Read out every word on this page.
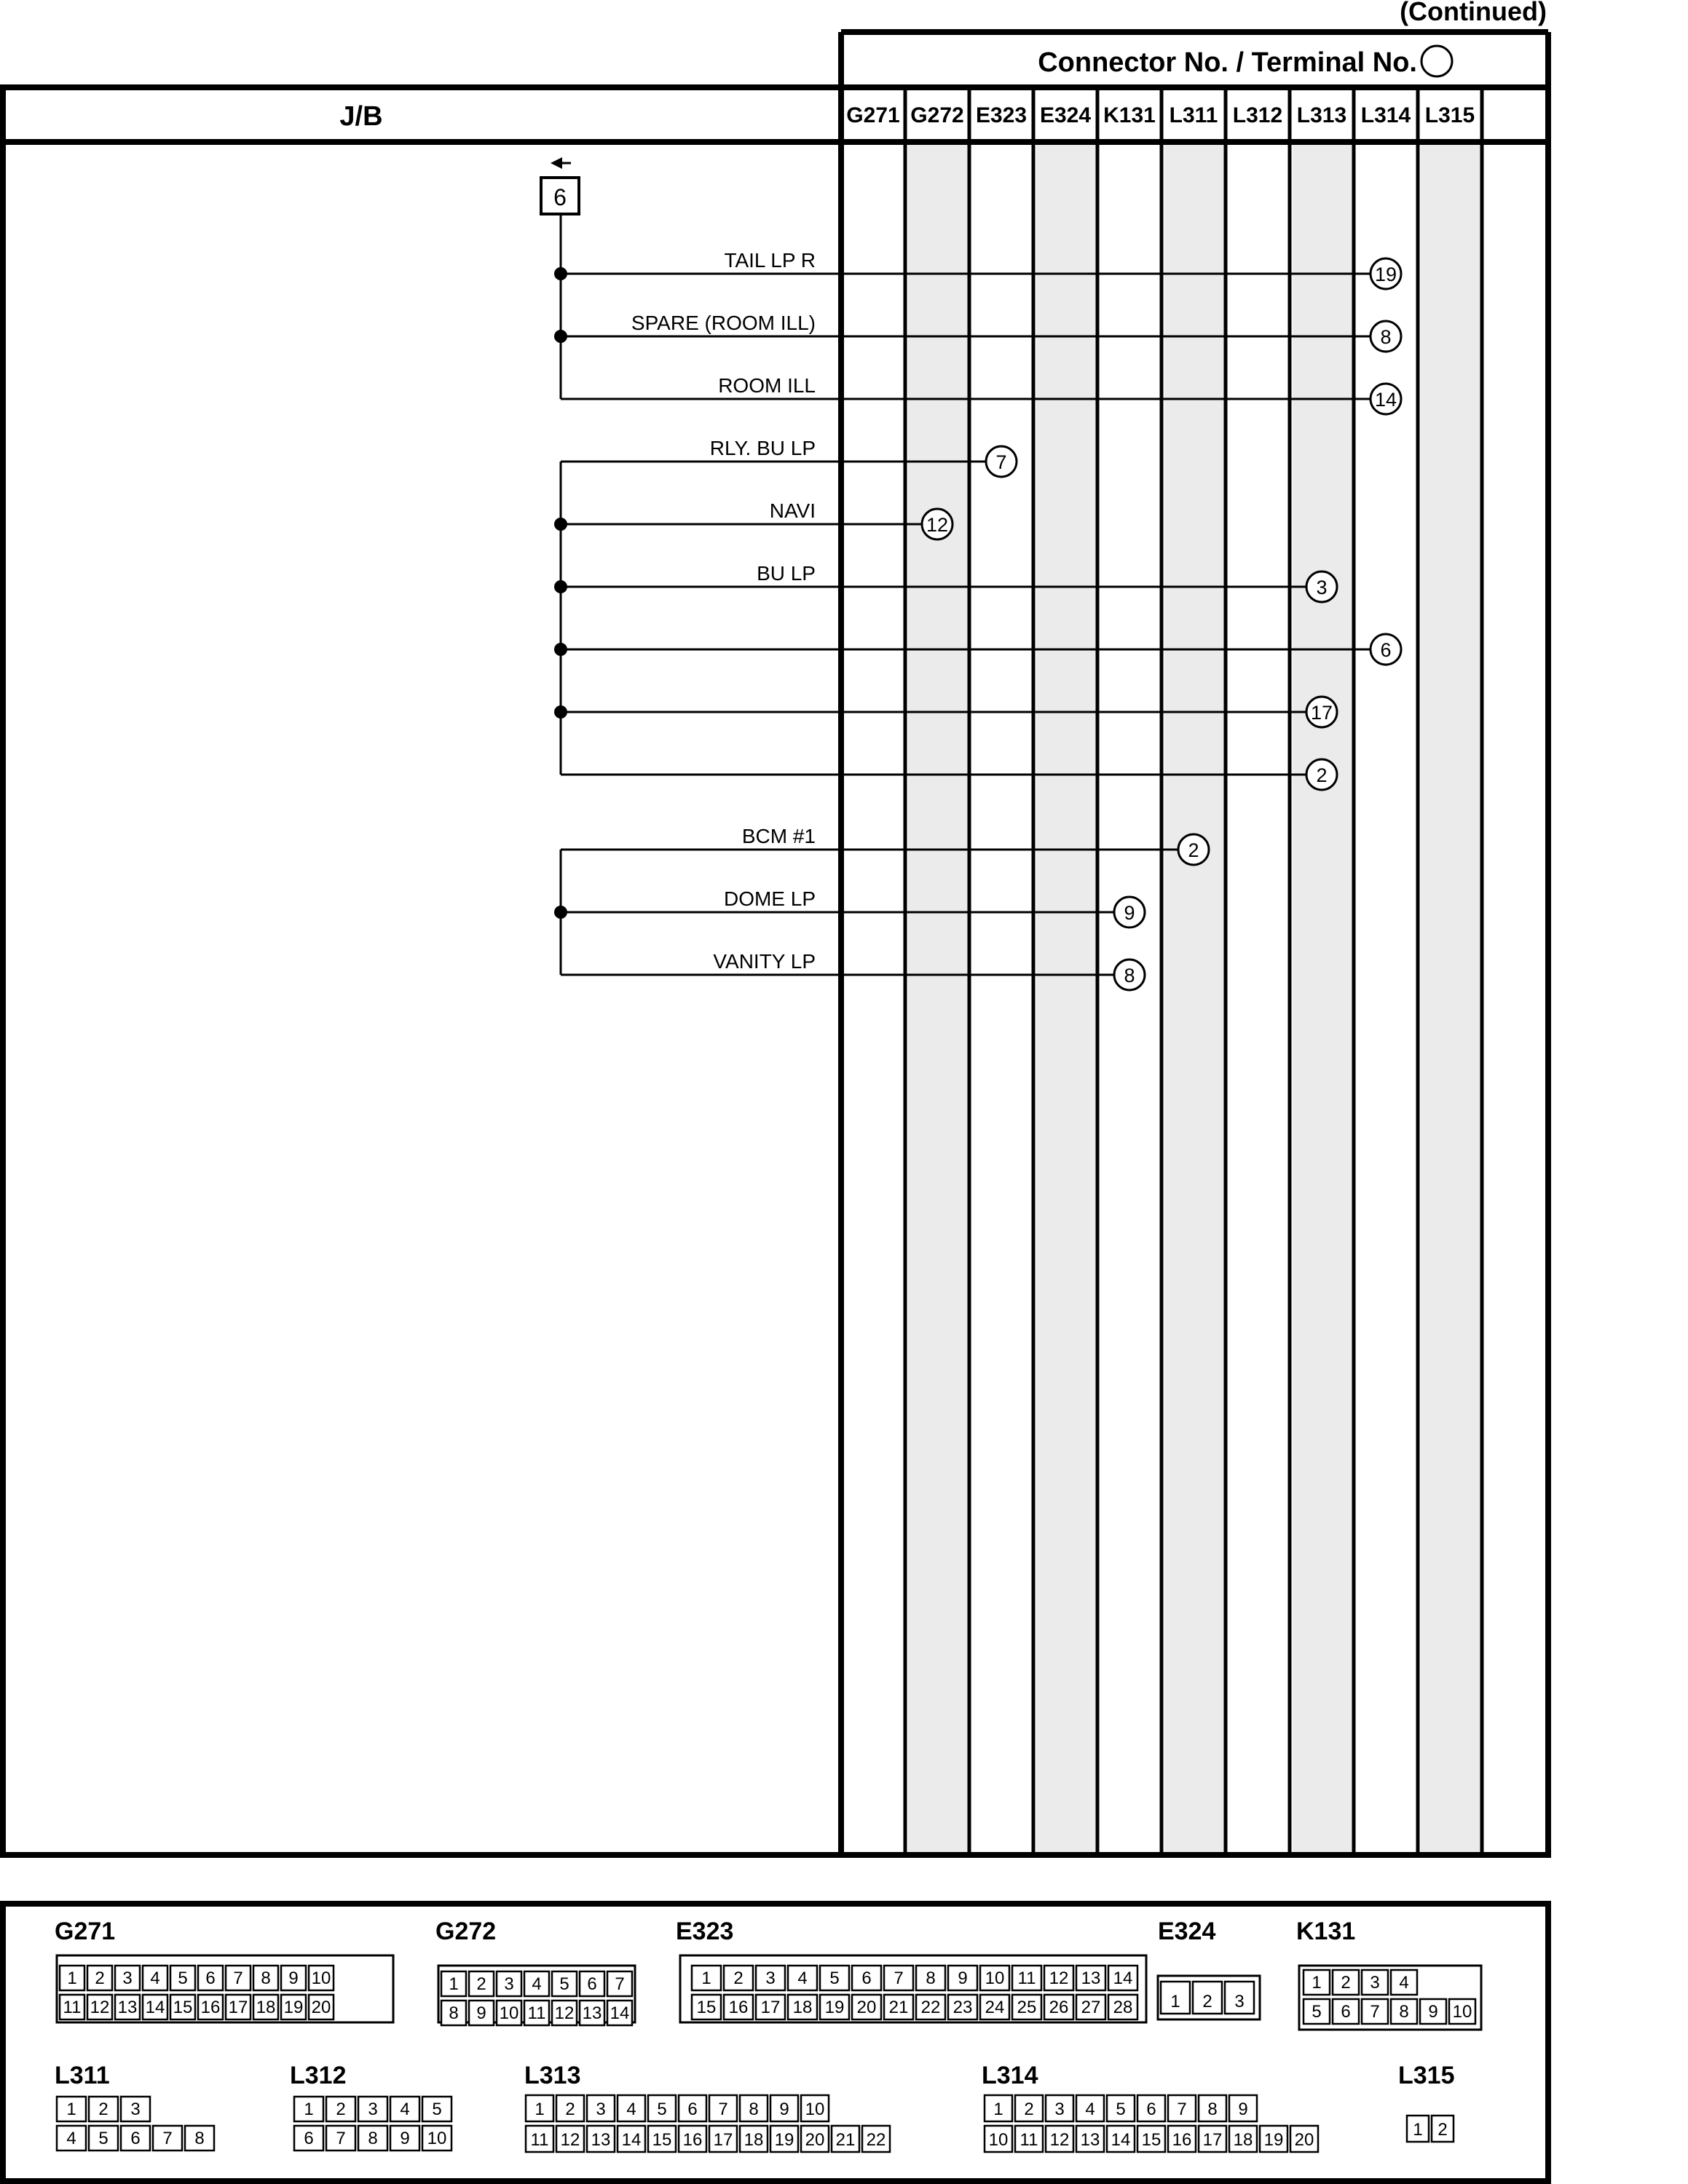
(Continued)
Connector No. / Terminal No.
J/B	G271 G272 E323 E324 K131 L311 L312 L313 L314 L315
6
TAIL LP R
19
SPARE (ROOM ILL)
8
ROOM ILL
14
RLY. BU LP
7
NAVI
12
BU LP
3
6
17
2
BCM #1
2
DOME LP
9
VANITY LP
8
G271
1 2 3 4 5 6 7 8 9 10
11 12 13 14 15 16 17 18 19 20
G272
1 2 3 4 5 6 7
8 9 10 11 12 13 14
E323
1 2 3 4 5 6 7 8 9 10 11 12 13 14
15 16 17 18 19 20 21 22 23 24 25 26 27 28
E324
1 2 3
K131
1 2 3 4
5 6 7 8 9 10
L311
1 2 3
4 5 6 7 8
L312
1 2 3 4 5
6 7 8 9 10
L313
1 2 3 4 5 6 7 8 9 10
11 12 13 14 15 16 17 18 19 20 21 22
L314
1 2 3 4 5 6 7 8 9
10 11 12 13 14 15 16 17 18 19 20
L315
1 2
